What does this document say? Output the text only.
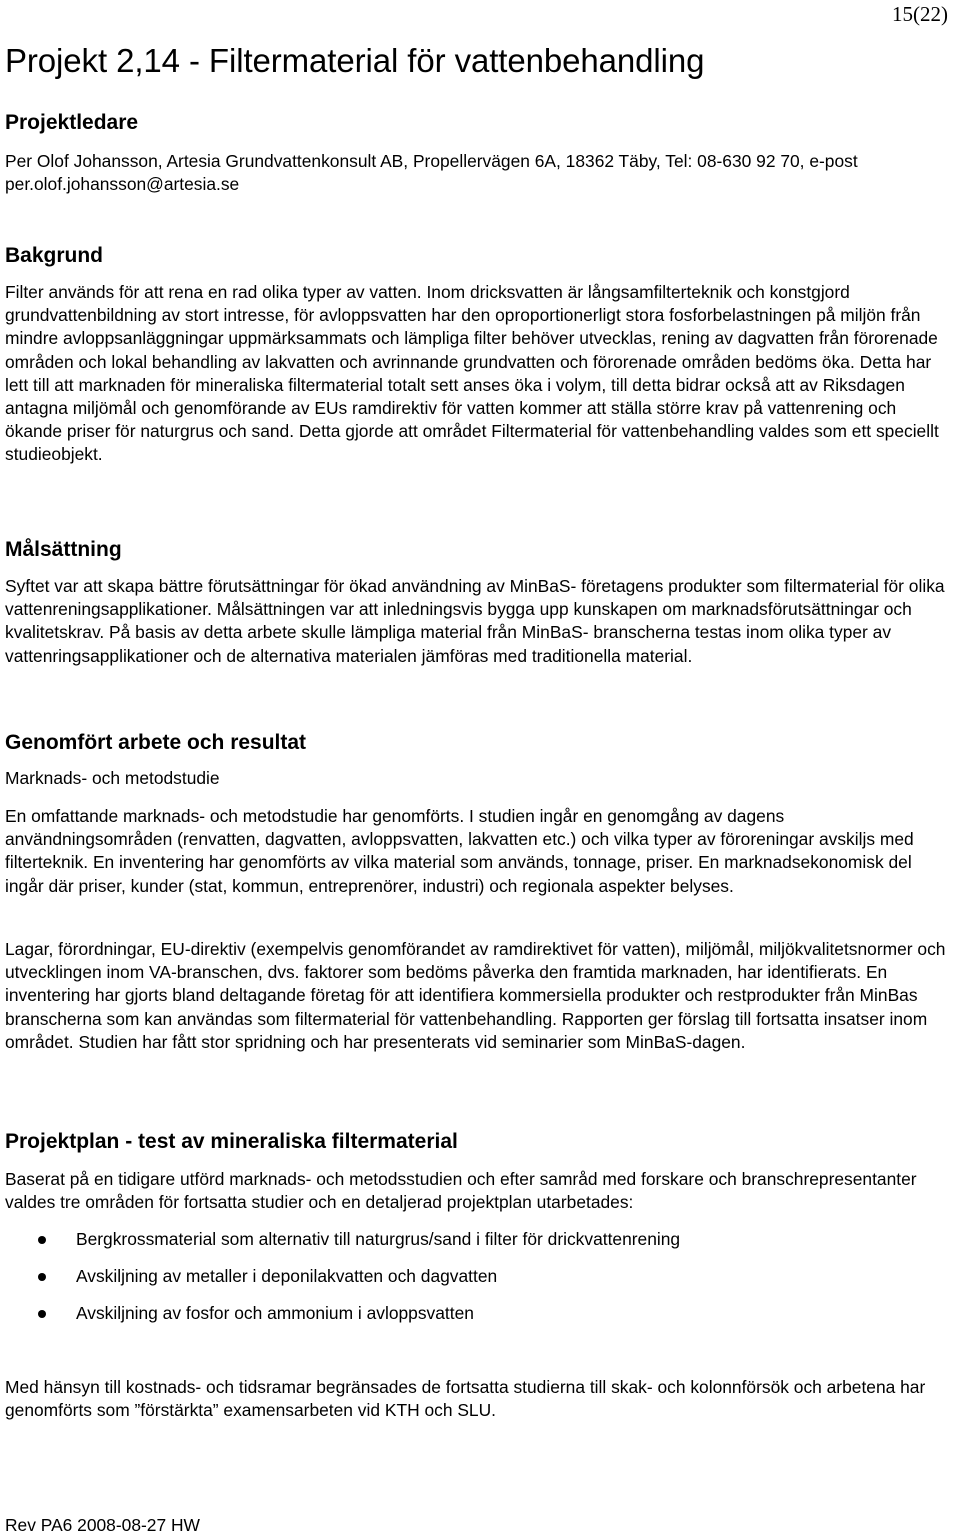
15(22)
Projekt 2,14 - Filtermaterial för vattenbehandling
Projektledare

Per Olof Johansson, Artesia Grundvattenkonsult AB, Propellervägen 6A, 18362 Täby, Tel: 08-630 92 70, e-post per.olof.johansson@artesia.se

Bakgrund

Filter används för att rena en rad olika typer av vatten. Inom dricksvatten är långsamfilterteknik och konstgjord grundvattenbildning av stort intresse, för avloppsvatten har den oproportionerligt stora fosforbelastningen på miljön från mindre avloppsanläggningar uppmärksammats och lämpliga filter behöver utvecklas, rening av dagvatten från förorenade områden och lokal behandling av lakvatten och avrinnande grundvatten och förorenade områden bedöms öka. Detta har lett till att marknaden för mineraliska filtermaterial totalt sett anses öka i volym, till detta bidrar också att av Riksdagen antagna miljömål och genomförande av EUs ramdirektiv för vatten kommer att ställa större krav på vattenrening och ökande priser för naturgrus och sand. Detta gjorde att området Filtermaterial för vattenbehandling valdes som ett speciellt studieobjekt.

Målsättning

Syftet var att skapa bättre förutsättningar för ökad användning av MinBaS- företagens produkter som filtermaterial för olika vattenreningsapplikationer. Målsättningen var att inledningsvis bygga upp kunskapen om marknadsförutsättningar och kvalitetskrav. På basis av detta arbete skulle lämpliga material från MinBaS- branscherna testas inom olika typer av vattenringsapplikationer och de alternativa materialen jämföras med traditionella material.

Genomfört arbete och resultat
Marknads- och metodstudie

En omfattande marknads- och metodstudie har genomförts. I studien ingår en genomgång av dagens användningsområden (renvatten, dagvatten, avloppsvatten, lakvatten etc.) och vilka typer av föroreningar avskiljs med filterteknik. En inventering har genomförts av vilka material som används, tonnage, priser. En marknadsekonomisk del ingår där priser, kunder (stat, kommun, entreprenörer, industri) och regionala aspekter belyses.

Lagar, förordningar, EU-direktiv (exempelvis genomförandet av ramdirektivet för vatten), miljömål, miljökvalitetsnormer och utvecklingen inom VA-branschen, dvs. faktorer som bedöms påverka den framtida marknaden, har identifierats. En inventering har gjorts bland deltagande företag för att identifiera kommersiella produkter och restprodukter från MinBas branscherna som kan användas som filtermaterial för vattenbehandling. Rapporten ger förslag till fortsatta insatser inom området. Studien har fått stor spridning och har presenterats vid seminarier som MinBaS-dagen.

Projektplan - test av mineraliska filtermaterial

Baserat på en tidigare utförd marknads- och metodsstudien och efter samråd med forskare och branschrepresentanter valdes tre områden för fortsatta studier och en detaljerad projektplan utarbetades:

Bergkrossmaterial som alternativ till naturgrus/sand i filter för drickvattenrening
Avskiljning av metaller i deponilakvatten och dagvatten
Avskiljning av fosfor och ammonium i avloppsvatten

Med hänsyn till kostnads- och tidsramar begränsades de fortsatta studierna till skak- och kolonnförsök och arbetena har genomförts som ”förstärkta” examensarbeten vid KTH och SLU.

Rev PA6 2008-08-27 HW
